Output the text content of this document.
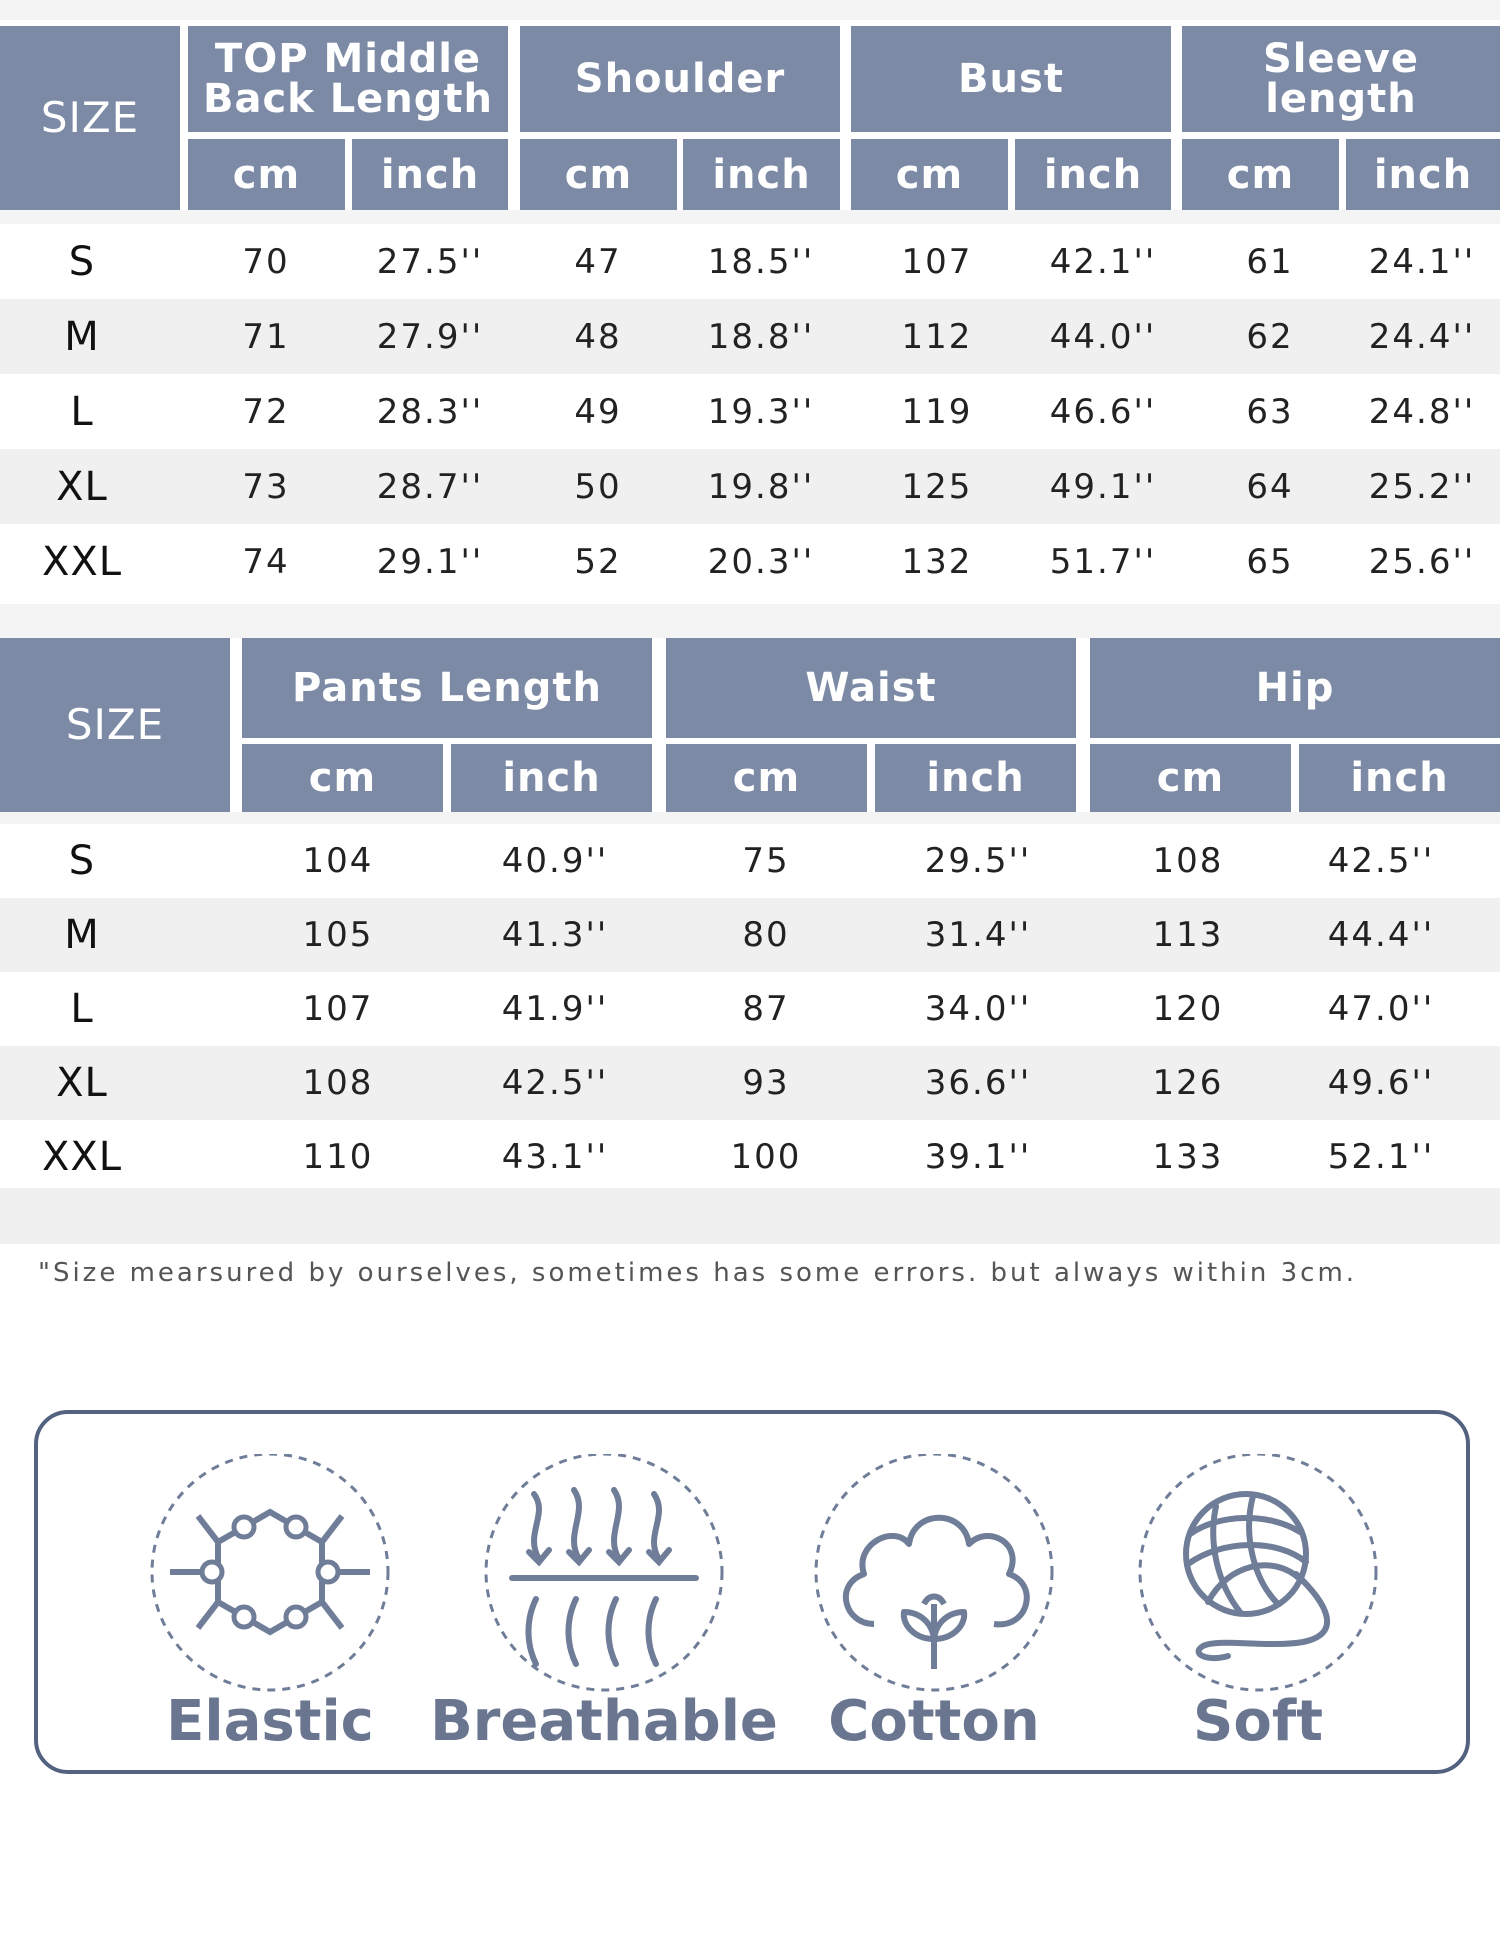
SIZE
TOP Middle
Back Length	Shoulder	Bust	Sleeve
length
cm	inch	cm	inch	cm	inch	cm	inch
S	70	27.5''	47	18.5''	107	42.1''	61	24.1''
M	71	27.9''	48	18.8''	112	44.0''	62	24.4''
L	72	28.3''	49	19.3''	119	46.6''	63	24.8''
XL	73	28.7''	50	19.8''	125	49.1''	64	25.2''
XXL	74	29.1''	52	20.3''	132	51.7''	65	25.6''
SIZE
Pants Length	Waist	Hip
cm	inch	cm	inch	cm	inch
S	104	40.9''	75	29.5''	108	42.5''
M	105	41.3''	80	31.4''	113	44.4''
L	107	41.9''	87	34.0''	120	47.0''
XL	108	42.5''	93	36.6''	126	49.6''
XXL	110	43.1''	100	39.1''	133	52.1''
"Size mearsured by ourselves, sometimes has some errors. but always within 3cm.
Elastic	Breathable Cotton	Soft
